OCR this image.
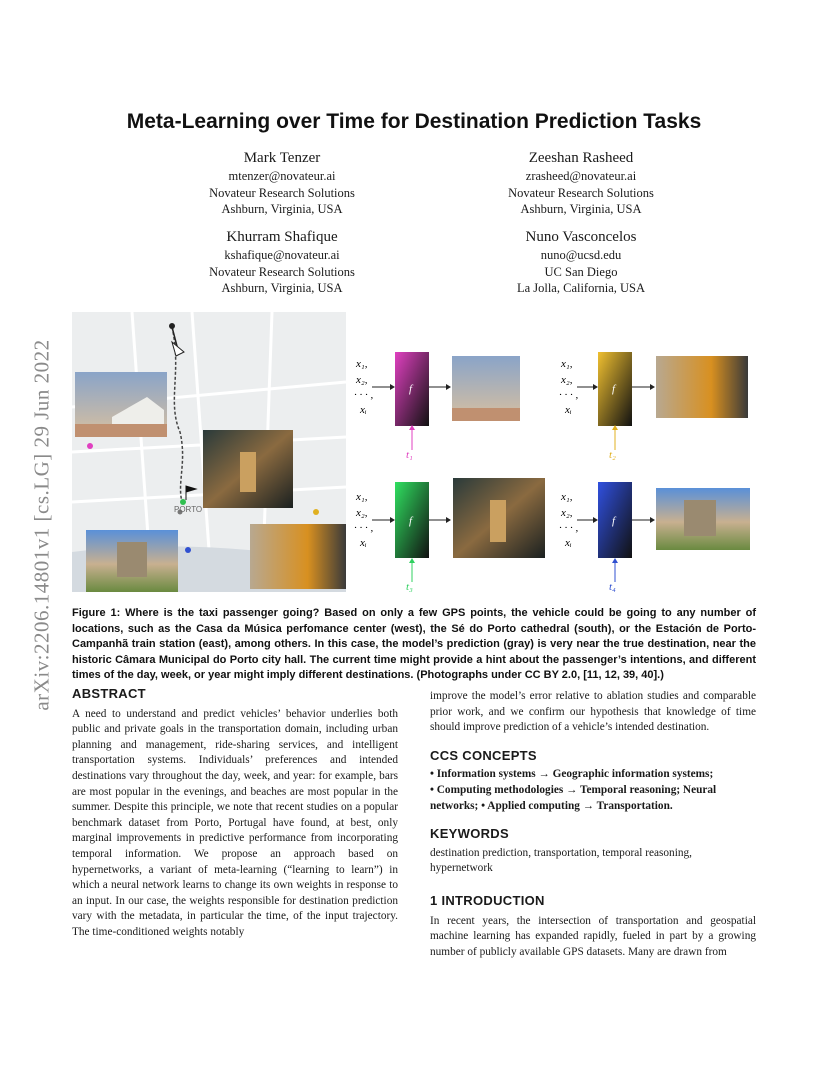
arXiv:2206.14801v1 [cs.LG] 29 Jun 2022
Meta-Learning over Time for Destination Prediction Tasks
Mark Tenzer
mtenzer@novateur.ai
Novateur Research Solutions
Ashburn, Virginia, USA
Zeeshan Rasheed
zrasheed@novateur.ai
Novateur Research Solutions
Ashburn, Virginia, USA
Khurram Shafique
kshafique@novateur.ai
Novateur Research Solutions
Ashburn, Virginia, USA
Nuno Vasconcelos
nuno@ucsd.edu
UC San Diego
La Jolla, California, USA
PORTO
x₁,
x₂,
· · · ,
xᵢ
f
t₁
x₁,
x₂,
· · · ,
xᵢ
f
t₂
x₁,
x₂,
· · · ,
xᵢ
f
t₃
x₁,
x₂,
· · · ,
xᵢ
f
t₄
Figure 1: Where is the taxi passenger going? Based on only a few GPS points, the vehicle could be going to any number of locations, such as the Casa da Música perfomance center (west), the Sé do Porto cathedral (south), or the Estación de Porto-Campanhã train station (east), among others. In this case, the model’s prediction (gray) is very near the true destination, near the historic Câmara Municipal do Porto city hall. The current time might provide a hint about the passenger’s intentions, and different times of the day, week, or year might imply different destinations. (Photographs under CC BY 2.0, [11, 12, 39, 40].)
ABSTRACT
A need to understand and predict vehicles’ behavior underlies both public and private goals in the transportation domain, including urban planning and management, ride-sharing services, and intelligent transportation systems. Individuals’ preferences and intended destinations vary throughout the day, week, and year: for example, bars are most popular in the evenings, and beaches are most popular in the summer. Despite this principle, we note that recent studies on a popular benchmark dataset from Porto, Portugal have found, at best, only marginal improvements in predictive performance from incorporating temporal information. We propose an approach based on hypernetworks, a variant of meta-learning (“learning to learn”) in which a neural network learns to change its own weights in response to an input. In our case, the weights responsible for destination prediction vary with the metadata, in particular the time, of the input trajectory. The time-conditioned weights notably
improve the model’s error relative to ablation studies and comparable prior work, and we confirm our hypothesis that knowledge of time should improve prediction of a vehicle’s intended destination.
CCS CONCEPTS
• Information systems → Geographic information systems;
• Computing methodologies → Temporal reasoning; Neural networks; • Applied computing → Transportation.
KEYWORDS
destination prediction, transportation, temporal reasoning, hypernetwork
1 INTRODUCTION
In recent years, the intersection of transportation and geospatial machine learning has expanded rapidly, fueled in part by a growing number of publicly available GPS datasets. Many are drawn from
